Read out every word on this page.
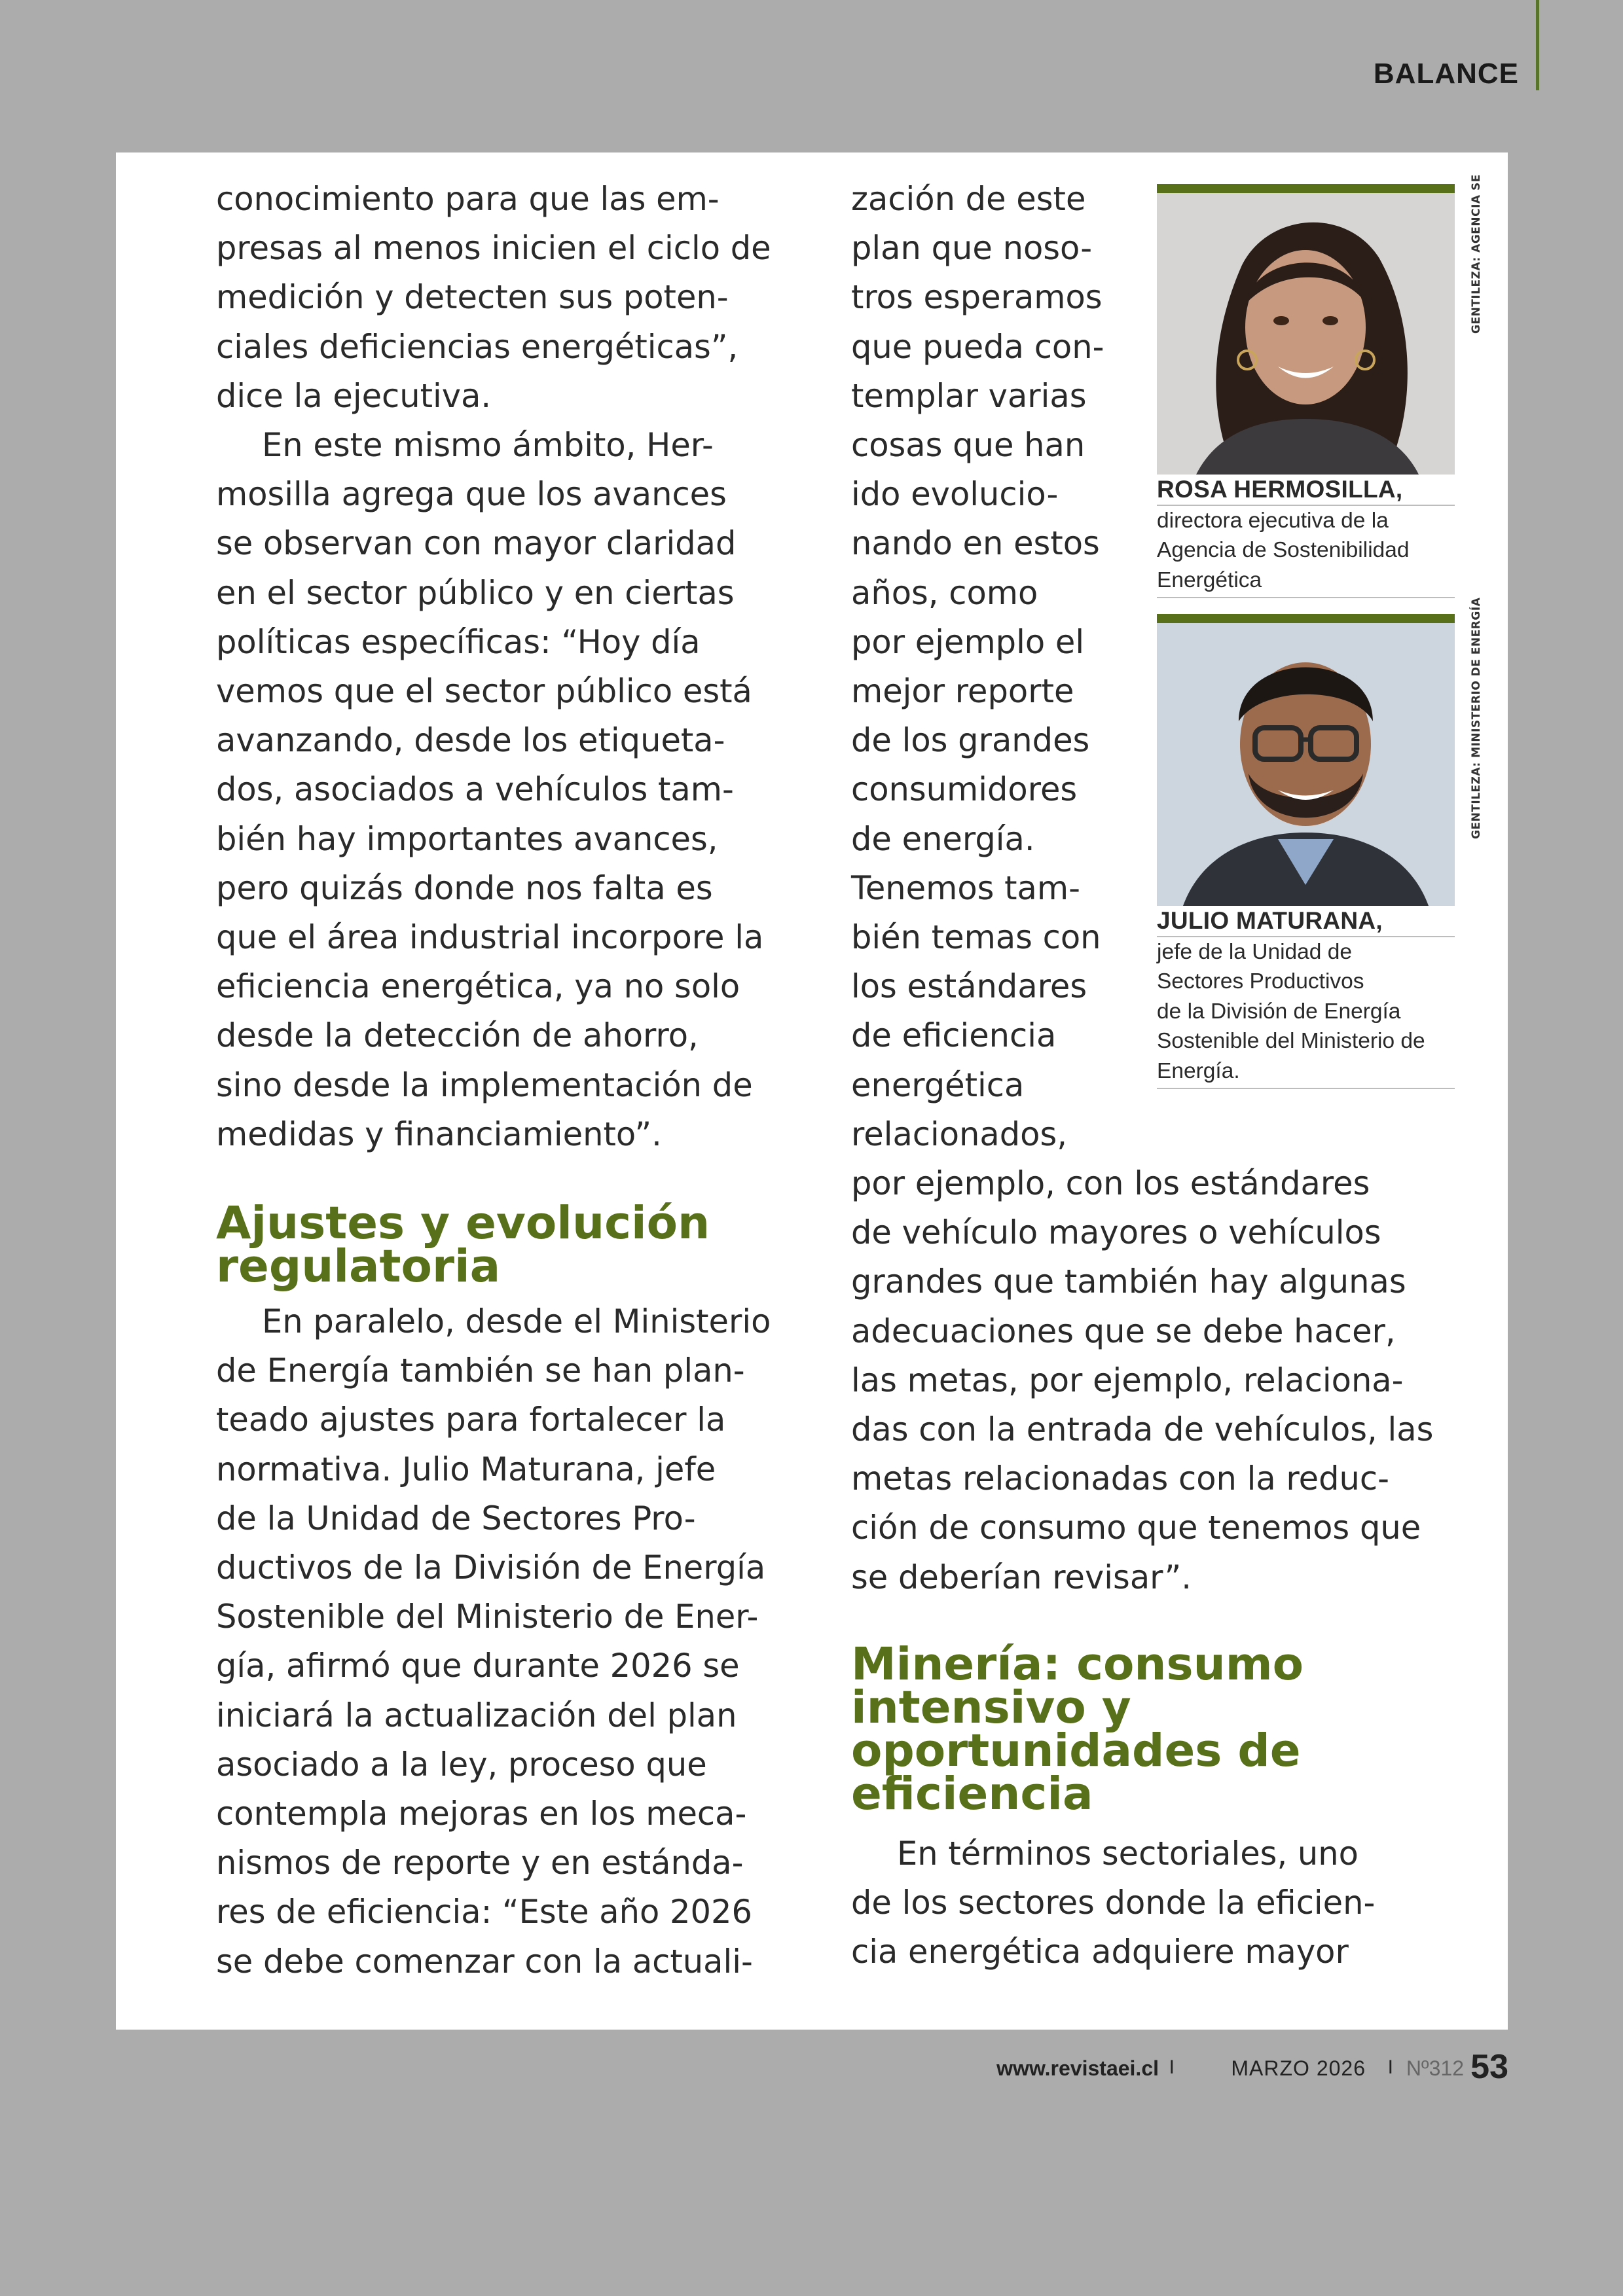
BALANCE

conocimiento para que las em-

presas al menos inicien el ciclo de

medición y detecten sus poten-

ciales deficiencias energéticas”,

dice la ejecutiva.

En este mismo ámbito, Her-

mosilla agrega que los avances

se observan con mayor claridad

en el sector público y en ciertas

políticas específicas: “Hoy día

vemos que el sector público está

avanzando, desde los etiqueta-

dos, asociados a vehículos tam-

bién hay importantes avances,

pero quizás donde nos falta es

que el área industrial incorpore la

eficiencia energética, ya no solo

desde la detección de ahorro,

sino desde la implementación de

medidas y financiamiento”.

Ajustes y evolución
regulatoria

En paralelo, desde el Ministerio

de Energía también se han plan-

teado ajustes para fortalecer la

normativa. Julio Maturana, jefe

de la Unidad de Sectores Pro-

ductivos de la División de Energía

Sostenible del Ministerio de Ener-

gía, afirmó que durante 2026 se

iniciará la actualización del plan

asociado a la ley, proceso que

contempla mejoras en los meca-

nismos de reporte y en estánda-

res de eficiencia: “Este año 2026

se debe comenzar con la actuali-

zación de este

plan que noso-

tros esperamos

que pueda con-

templar varias

cosas que han

ido evolucio-

nando en estos

años, como

por ejemplo el

mejor reporte

de los grandes

consumidores

de energía.

Tenemos tam-

bién temas con

los estándares

de eficiencia

energética

relacionados,

por ejemplo, con los estándares

de vehículo mayores o vehículos

grandes que también hay algunas

adecuaciones que se debe hacer,

las metas, por ejemplo, relaciona-

das con la entrada de vehículos, las

metas relacionadas con la reduc-

ción de consumo que tenemos que

se deberían revisar”.

Minería: consumo
intensivo y
oportunidades de
eficiencia

En términos sectoriales, uno

de los sectores donde la eficien-

cia energética adquiere mayor

GENTILEZA: AGENCIA SE
ROSA HERMOSILLA,
directora ejecutiva de la
Agencia de Sostenibilidad
Energética
GENTILEZA: MINISTERIO DE ENERGÍA
JULIO MATURANA,
jefe de la Unidad de
Sectores Productivos
de la División de Energía
Sostenible del Ministerio de
Energía.
www.revistaei.cl I	MARZO 2026 I Nº312 53
